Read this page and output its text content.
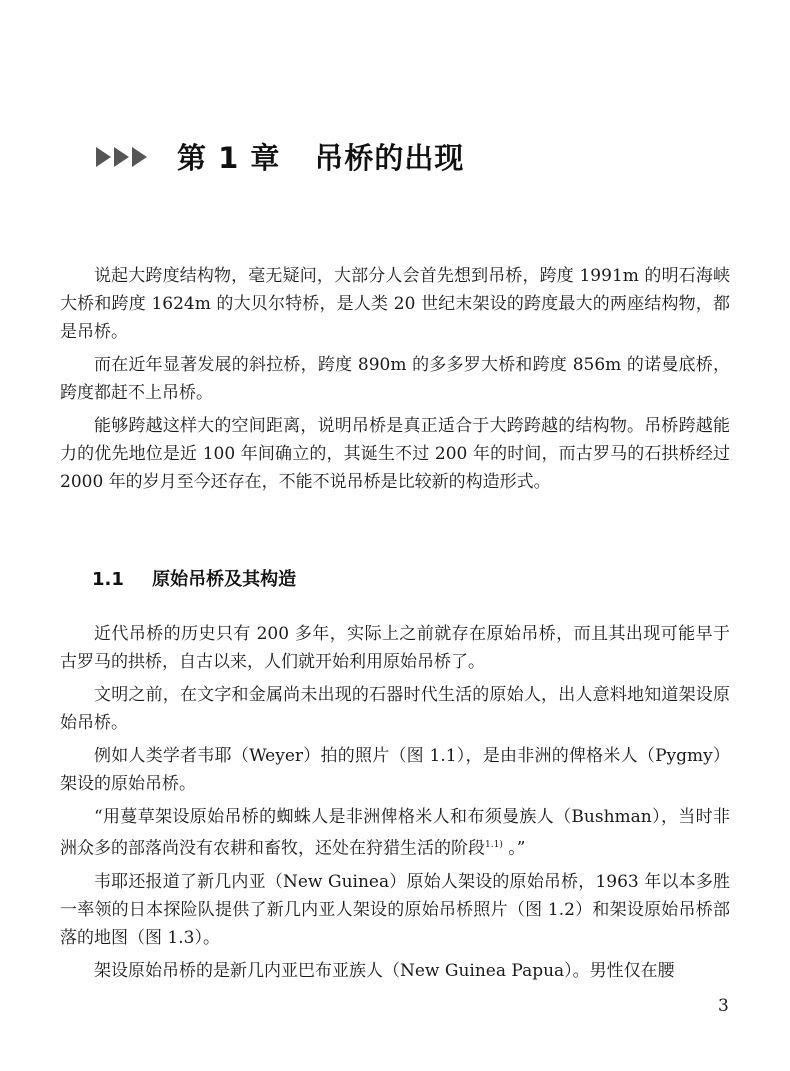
第 1 章 吊桥的出现

说起大跨度结构物，毫无疑问，大部分人会首先想到吊桥，跨度 1991m 的明石海峡大桥和跨度 1624m 的大贝尔特桥，是人类 20 世纪末架设的跨度最大的两座结构物，都是吊桥。

而在近年显著发展的斜拉桥，跨度 890m 的多多罗大桥和跨度 856m 的诺曼底桥，跨度都赶不上吊桥。

能够跨越这样大的空间距离，说明吊桥是真正适合于大跨跨越的结构物。吊桥跨越能力的优先地位是近 100 年间确立的，其诞生不过 200 年的时间，而古罗马的石拱桥经过 2000 年的岁月至今还存在，不能不说吊桥是比较新的构造形式。

1.1 原始吊桥及其构造

近代吊桥的历史只有 200 多年，实际上之前就存在原始吊桥，而且其出现可能早于古罗马的拱桥，自古以来，人们就开始利用原始吊桥了。

文明之前，在文字和金属尚未出现的石器时代生活的原始人，出人意料地知道架设原始吊桥。

例如人类学者韦耶（Weyer）拍的照片（图 1.1），是由非洲的俾格米人（Pygmy）架设的原始吊桥。

“用蔓草架设原始吊桥的蜘蛛人是非洲俾格米人和布须曼族人（Bushman），当时非洲众多的部落尚没有农耕和畜牧，还处在狩猎生活的阶段$^{1.1)}$ 。”

韦耶还报道了新几内亚（New Guinea）原始人架设的原始吊桥，1963 年以本多胜一率领的日本探险队提供了新几内亚人架设的原始吊桥照片（图 1.2）和架设原始吊桥部落的地图（图 1.3）。

架设原始吊桥的是新几内亚巴布亚族人（New Guinea Papua）。男性仅在腰

3
